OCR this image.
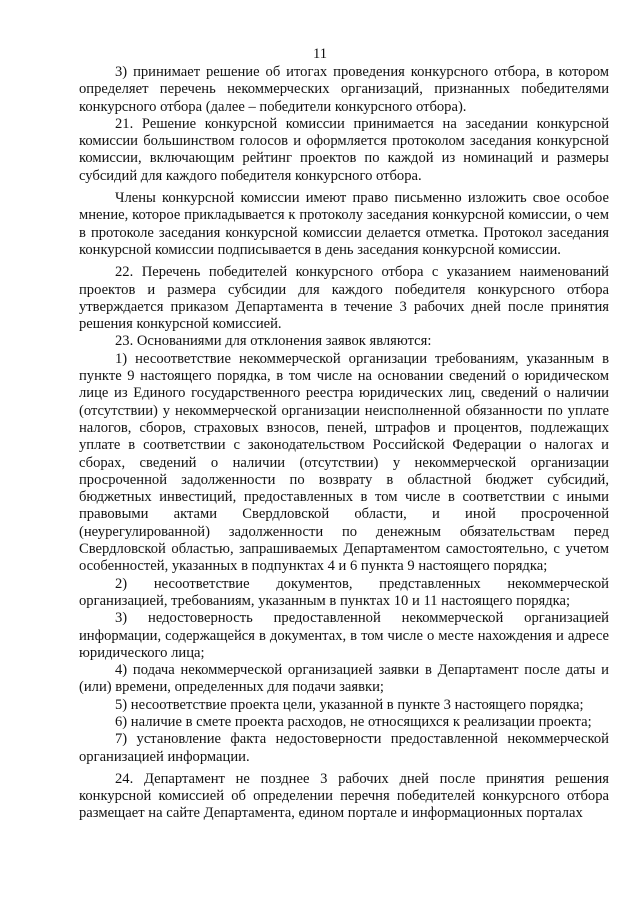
11

3) принимает решение об итогах проведения конкурсного отбора, в котором определяет перечень некоммерческих организаций, признанных победителями конкурсного отбора (далее – победители конкурсного отбора).

21. Решение конкурсной комиссии принимается на заседании конкурсной комиссии большинством голосов и оформляется протоколом заседания конкурсной комиссии, включающим рейтинг проектов по каждой из номинаций и размеры субсидий для каждого победителя конкурсного отбора.

Члены конкурсной комиссии имеют право письменно изложить свое особое мнение, которое прикладывается к протоколу заседания конкурсной комиссии, о чем в протоколе заседания конкурсной комиссии делается отметка. Протокол заседания конкурсной комиссии подписывается в день заседания конкурсной комиссии.

22. Перечень победителей конкурсного отбора с указанием наименований проектов и размера субсидии для каждого победителя конкурсного отбора утверждается приказом Департамента в течение 3 рабочих дней после принятия решения конкурсной комиссией.

23. Основаниями для отклонения заявок являются:

1) несоответствие некоммерческой организации требованиям, указанным в пункте 9 настоящего порядка, в том числе на основании сведений о юридическом лице из Единого государственного реестра юридических лиц, сведений о наличии (отсутствии) у некоммерческой организации неисполненной обязанности по уплате налогов, сборов, страховых взносов, пеней, штрафов и процентов, подлежащих уплате в соответствии с законодательством Российской Федерации о налогах и сборах, сведений о наличии (отсутствии) у некоммерческой организации просроченной задолженности по возврату в областной бюджет субсидий, бюджетных инвестиций, предоставленных в том числе в соответствии с иными правовыми актами Свердловской области, и иной просроченной (неурегулированной) задолженности по денежным обязательствам перед Свердловской областью, запрашиваемых Департаментом самостоятельно, с учетом особенностей, указанных в подпунктах 4 и 6 пункта 9 настоящего порядка;

2) несоответствие документов, представленных некоммерческой организацией, требованиям, указанным в пунктах 10 и 11 настоящего порядка;

3) недостоверность предоставленной некоммерческой организацией информации, содержащейся в документах, в том числе о месте нахождения и адресе юридического лица;

4) подача некоммерческой организацией заявки в Департамент после даты и (или) времени, определенных для подачи заявки;

5) несоответствие проекта цели, указанной в пункте 3 настоящего порядка;

6) наличие в смете проекта расходов, не относящихся к реализации проекта;

7) установление факта недостоверности предоставленной некоммерческой организацией информации.

24. Департамент не позднее 3 рабочих дней после принятия решения конкурсной комиссией об определении перечня победителей конкурсного отбора размещает на сайте Департамента, едином портале и информационных порталах
